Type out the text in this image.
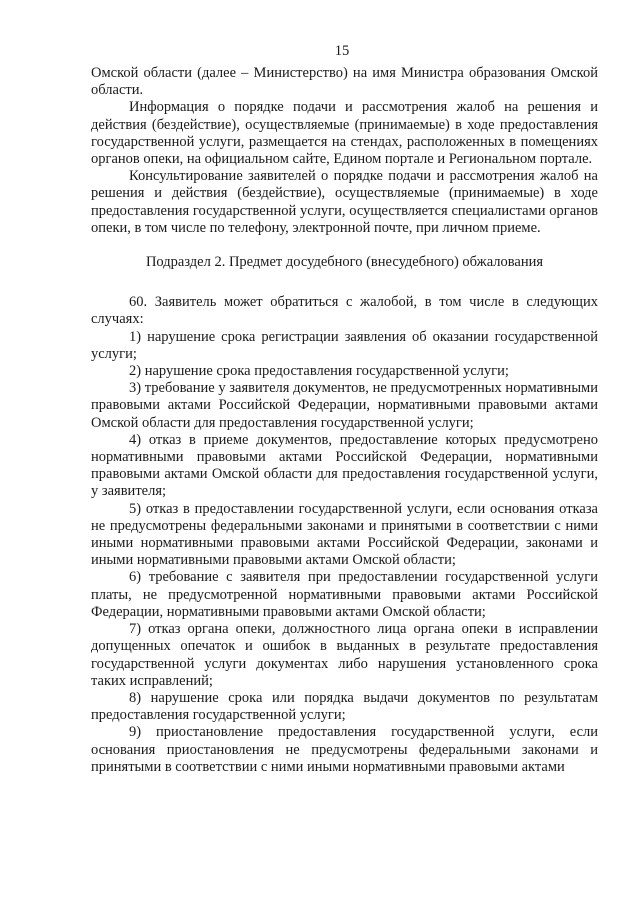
15

Омской области (далее – Министерство) на имя Министра образования Омской области.

Информация о порядке подачи и рассмотрения жалоб на решения и действия (бездействие), осуществляемые (принимаемые) в ходе предоставления государственной услуги, размещается на стендах, расположенных в помещениях органов опеки, на официальном сайте, Едином портале и Региональном портале.

Консультирование заявителей о порядке подачи и рассмотрения жалоб на решения и действия (бездействие), осуществляемые (принимаемые) в ходе предоставления государственной услуги, осуществляется специалистами органов опеки, в том числе по телефону, электронной почте, при личном приеме.

Подраздел 2. Предмет досудебного (внесудебного) обжалования

60. Заявитель может обратиться с жалобой, в том числе в следующих случаях:

1) нарушение срока регистрации заявления об оказании государственной услуги;

2) нарушение срока предоставления государственной услуги;

3) требование у заявителя документов, не предусмотренных нормативными правовыми актами Российской Федерации, нормативными правовыми актами Омской области для предоставления государственной услуги;

4) отказ в приеме документов, предоставление которых предусмотрено нормативными правовыми актами Российской Федерации, нормативными правовыми актами Омской области для предоставления государственной услуги, у заявителя;

5) отказ в предоставлении государственной услуги, если основания отказа не предусмотрены федеральными законами и принятыми в соответствии с ними иными нормативными правовыми актами Российской Федерации, законами и иными нормативными правовыми актами Омской области;

6) требование с заявителя при предоставлении государственной услуги платы, не предусмотренной нормативными правовыми актами Российской Федерации, нормативными правовыми актами Омской области;

7) отказ органа опеки, должностного лица органа опеки в исправлении допущенных опечаток и ошибок в выданных в результате предоставления государственной услуги документах либо нарушения установленного срока таких исправлений;

8) нарушение срока или порядка выдачи документов по результатам предоставления государственной услуги;

9) приостановление предоставления государственной услуги, если основания приостановления не предусмотрены федеральными законами и принятыми в соответствии с ними иными нормативными правовыми актами
